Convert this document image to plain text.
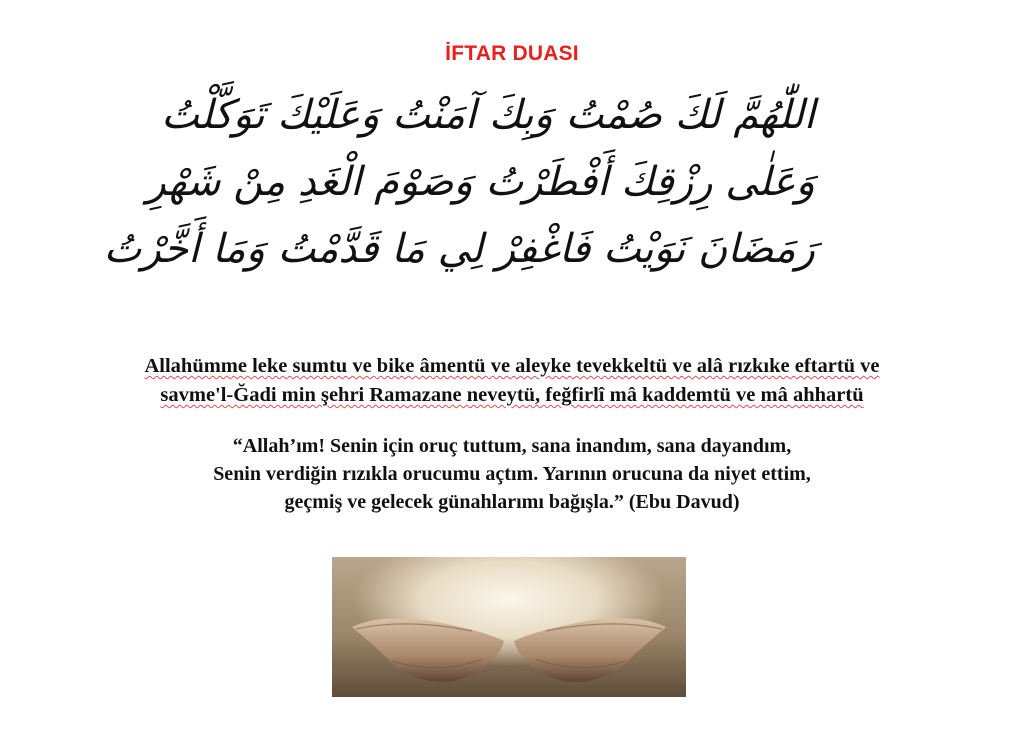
İFTAR DUASI
اللّٰهُمَّ لَكَ صُمْتُ وَبِكَ آمَنْتُ وَعَلَيْكَ تَوَكَّلْتُ
وَعَلٰى رِزْقِكَ أَفْطَرْتُ وَصَوْمَ الْغَدِ مِنْ شَهْرِ
رَمَضَانَ نَوَيْتُ فَاغْفِرْ لِي مَا قَدَّمْتُ وَمَا أَخَّرْتُ
Allahümme leke sumtu ve bike âmentü ve aleyke tevekkeltü ve alâ rızkıke eftartü ve
savme'l-Ğadi min şehri Ramazane neveytü, feğfirlî mâ kaddemtü ve mâ ahhartü
“Allah’ım! Senin için oruç tuttum, sana inandım, sana dayandım,
Senin verdiğin rızıkla orucumu açtım. Yarının orucuna da niyet ettim,
geçmiş ve gelecek günahlarımı bağışla.” (Ebu Davud)
